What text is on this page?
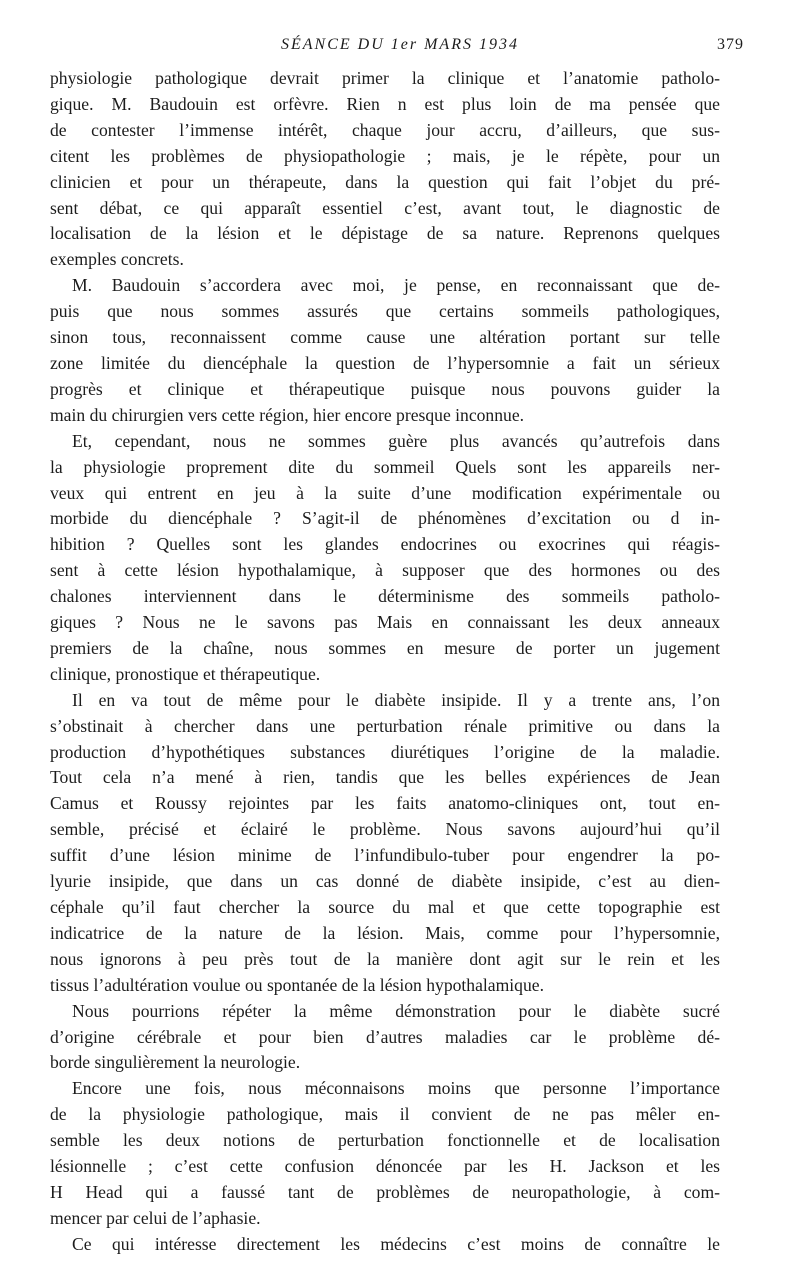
SÉANCE DU 1er MARS 1934	379
physiologie pathologique devrait primer la clinique et l’anatomie patholo-
gique. M. Baudouin est orfèvre. Rien n est plus loin de ma pensée que
de contester l’immense intérêt, chaque jour accru, d’ailleurs, que sus-
citent les problèmes de physiopathologie ; mais, je le répète, pour un
clinicien et pour un thérapeute, dans la question qui fait l’objet du pré-
sent débat, ce qui apparaît essentiel c’est, avant tout, le diagnostic de
localisation de la lésion et le dépistage de sa nature. Reprenons quelques
exemples concrets.
M. Baudouin s’accordera avec moi, je pense, en reconnaissant que de-
puis que nous sommes assurés que certains sommeils pathologiques,
sinon tous, reconnaissent comme cause une altération portant sur telle
zone limitée du diencéphale la question de l’hypersomnie a fait un sérieux
progrès et clinique et thérapeutique puisque nous pouvons guider la
main du chirurgien vers cette région, hier encore presque inconnue.
Et, cependant, nous ne sommes guère plus avancés qu’autrefois dans
la physiologie proprement dite du sommeil Quels sont les appareils ner-
veux qui entrent en jeu à la suite d’une modification expérimentale ou
morbide du diencéphale ? S’agit-il de phénomènes d’excitation ou d in-
hibition ? Quelles sont les glandes endocrines ou exocrines qui réagis-
sent à cette lésion hypothalamique, à supposer que des hormones ou des
chalones interviennent dans le déterminisme des sommeils patholo-
giques ? Nous ne le savons pas Mais en connaissant les deux anneaux
premiers de la chaîne, nous sommes en mesure de porter un jugement
clinique, pronostique et thérapeutique.
Il en va tout de même pour le diabète insipide. Il y a trente ans, l’on
s’obstinait à chercher dans une perturbation rénale primitive ou dans la
production d’hypothétiques substances diurétiques l’origine de la maladie.
Tout cela n’a mené à rien, tandis que les belles expériences de Jean
Camus et Roussy rejointes par les faits anatomo-cliniques ont, tout en-
semble, précisé et éclairé le problème. Nous savons aujourd’hui qu’il
suffit d’une lésion minime de l’infundibulo-tuber pour engendrer la po-
lyurie insipide, que dans un cas donné de diabète insipide, c’est au dien-
céphale qu’il faut chercher la source du mal et que cette topographie est
indicatrice de la nature de la lésion. Mais, comme pour l’hypersomnie,
nous ignorons à peu près tout de la manière dont agit sur le rein et les
tissus l’adultération voulue ou spontanée de la lésion hypothalamique.
Nous pourrions répéter la même démonstration pour le diabète sucré
d’origine cérébrale et pour bien d’autres maladies car le problème dé-
borde singulièrement la neurologie.
Encore une fois, nous méconnaisons moins que personne l’importance
de la physiologie pathologique, mais il convient de ne pas mêler en-
semble les deux notions de perturbation fonctionnelle et de localisation
lésionnelle ; c’est cette confusion dénoncée par les H. Jackson et les
H Head qui a faussé tant de problèmes de neuropathologie, à com-
mencer par celui de l’aphasie.
Ce qui intéresse directement les médecins c’est moins de connaître le
